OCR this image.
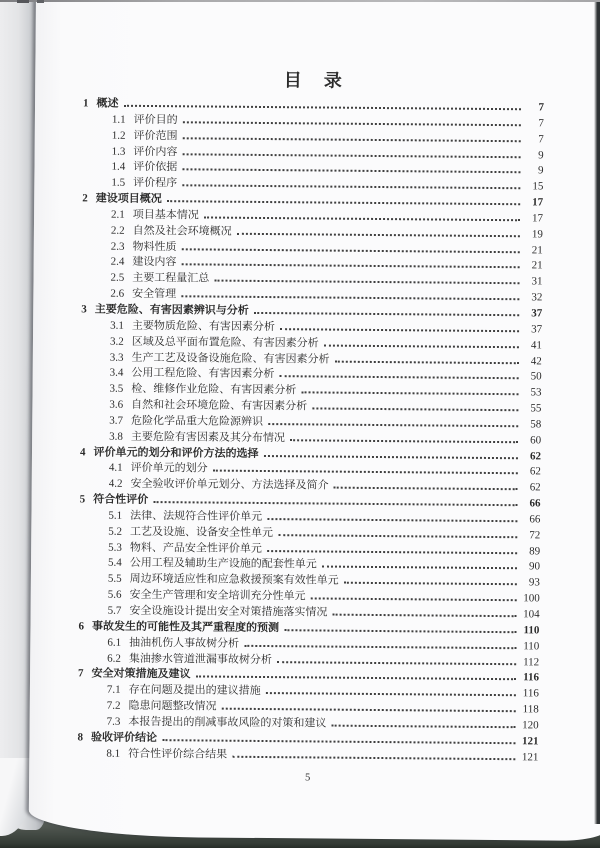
目　录
1 概述	7
1.1 评价目的	7
1.2 评价范围	7
1.3 评价内容	9
1.4 评价依据	9
1.5 评价程序	15
2 建设项目概况	17
2.1 项目基本情况	17
2.2 自然及社会环境概况	19
2.3 物料性质	21
2.4 建设内容	21
2.5 主要工程量汇总	31
2.6 安全管理	32
3 主要危险、有害因素辨识与分析	37
3.1 主要物质危险、有害因素分析	37
3.2 区域及总平面布置危险、有害因素分析	41
3.3 生产工艺及设备设施危险、有害因素分析	42
3.4 公用工程危险、有害因素分析	50
3.5 检、维修作业危险、有害因素分析	53
3.6 自然和社会环境危险、有害因素分析	55
3.7 危险化学品重大危险源辨识	58
3.8 主要危险有害因素及其分布情况	60
4 评价单元的划分和评价方法的选择	62
4.1 评价单元的划分	62
4.2 安全验收评价单元划分、方法选择及简介	62
5 符合性评价	66
5.1 法律、法规符合性评价单元	66
5.2 工艺及设施、设备安全性单元	72
5.3 物料、产品安全性评价单元	89
5.4 公用工程及辅助生产设施的配套性单元	90
5.5 周边环境适应性和应急救援预案有效性单元	93
5.6 安全生产管理和安全培训充分性单元	100
5.7 安全设施设计提出安全对策措施落实情况	104
6 事故发生的可能性及其严重程度的预测	110
6.1 抽油机伤人事故树分析	110
6.2 集油掺水管道泄漏事故树分析	112
7 安全对策措施及建议	116
7.1 存在问题及提出的建议措施	116
7.2 隐患问题整改情况	118
7.3 本报告提出的削减事故风险的对策和建议	120
8 验收评价结论	121
8.1 符合性评价综合结果	121
5
